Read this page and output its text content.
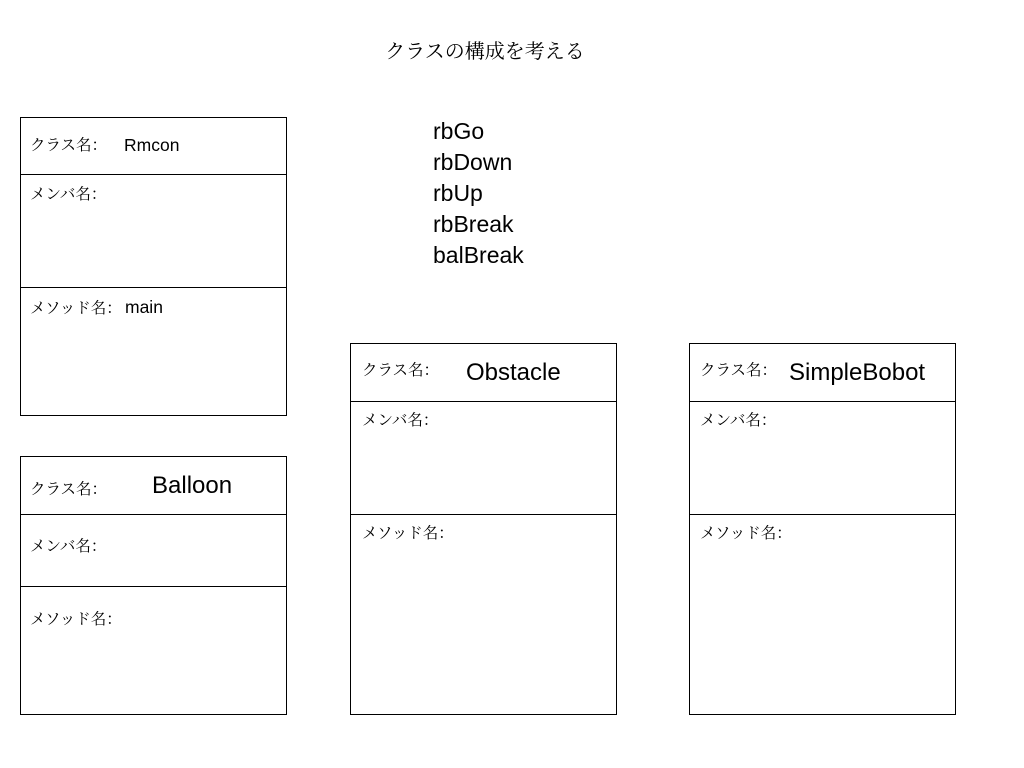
クラスの構成を考える
rbGo
rbDown
rbUp
rbBreak
balBreak
クラス名： Rmcon
メンバ名：
メソッド名： main
クラス名： Balloon
メンバ名：
メソッド名：
クラス名： Obstacle
メンバ名：
メソッド名：
クラス名： SimpleBobot
メンバ名：
メソッド名：
